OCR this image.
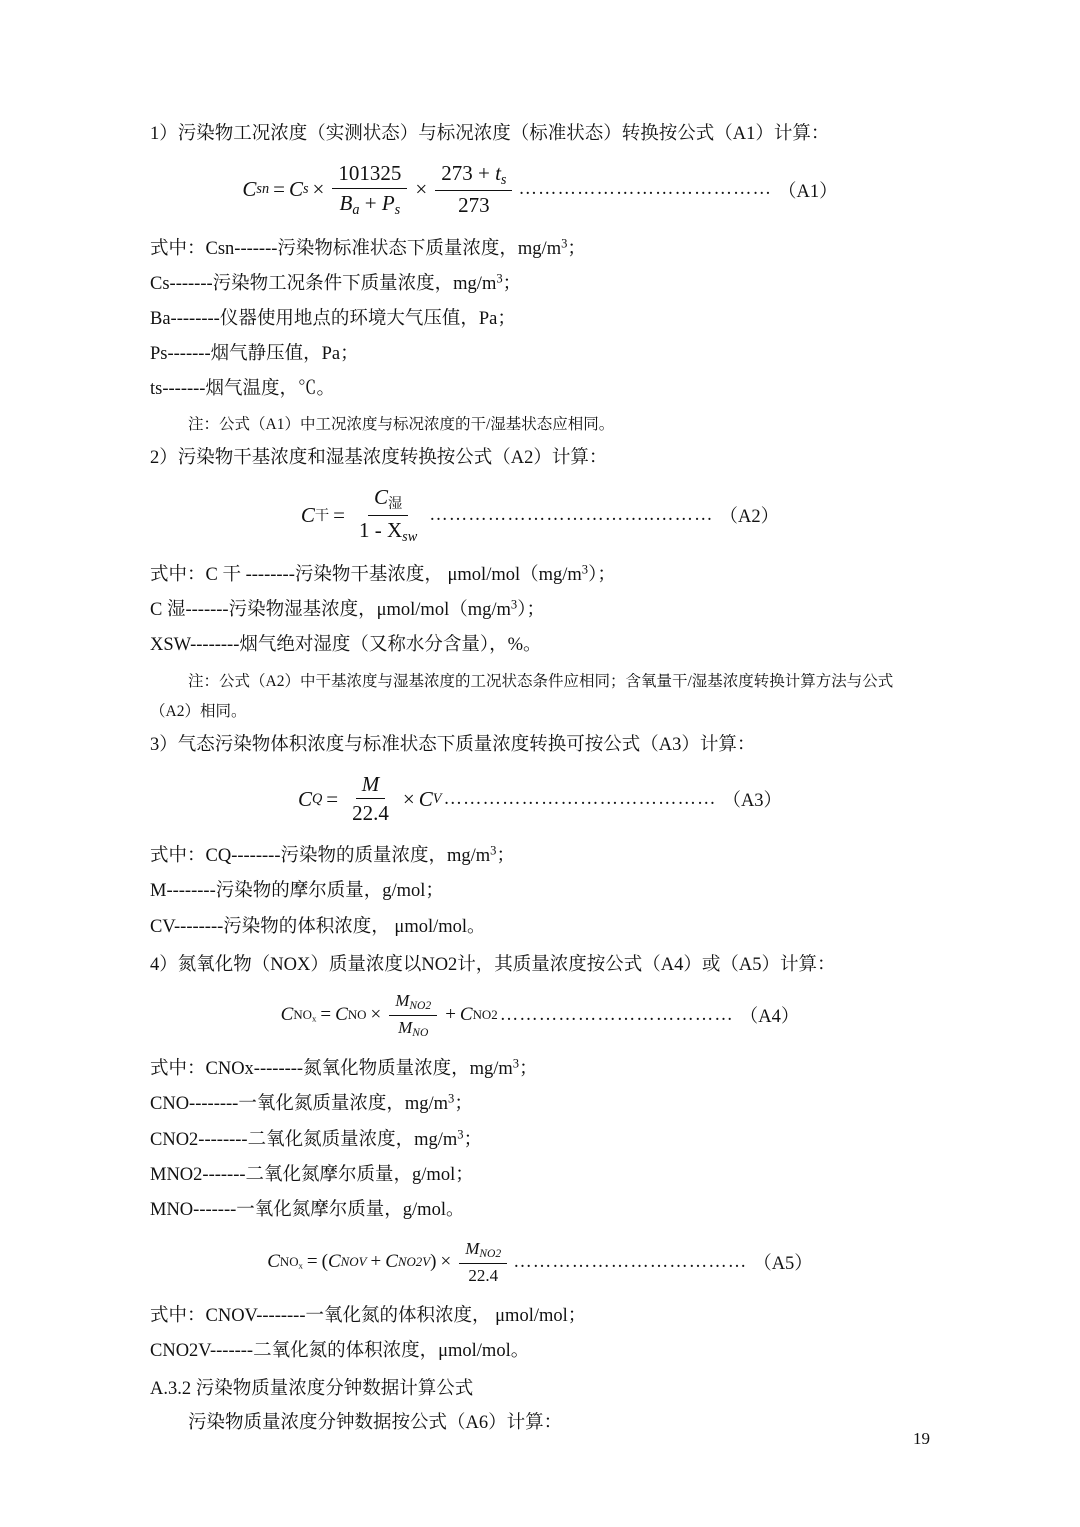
1）污染物工况浓度（实测状态）与标况浓度（标准状态）转换按公式（A1）计算：
C sn = C $s \times \frac{101325}{B_a + P_s} \times \frac{273 + t_s}{273}$ ………………………………… （A1）
式中：Csn-------污染物标准状态下质量浓度，$mg/m^3$；
Cs-------污染物工况条件下质量浓度，$mg/m^3$；
Ba--------仪器使用地点的环境大气压值，Pa；
Ps-------烟气静压值，Pa；
ts-------烟气温度，℃。
注：公式（A1）中工况浓度与标况浓度的干/湿基状态应相同。
2）污染物干基浓度和湿基浓度转换按公式（A2）计算：
C 干 = $\frac{C_湿}{1 - X_{sw}}$ ……………………………..……… （A2）
式中：C 干 --------污染物干基浓度， μmol/$mol(mg/m^3)$；
C 湿-------污染物湿基浓度，μmol/$mol(mg/m^3)$；
XSW--------烟气绝对湿度（又称水分含量），%。
注：公式（A2）中干基浓度与湿基浓度的工况状态条件应相同；含氧量干/湿基浓度转换计算方法与公式
（A2）相同。
3）气态污染物体积浓度与标准状态下质量浓度转换可按公式（A3）计算：
C $Q = \frac{M}{22.4} \times C$ V …………………………………… （A3）
式中：CQ--------污染物的质量浓度，$mg/m^3$；
M--------污染物的摩尔质量，g/mol；
CV--------污染物的体积浓度， μmol/mol。
4）氮氧化物（NOX）质量浓度以NO2计，其质量浓度按公式（A4）或（A5）计算：
C $NO_x = C$ NO × $\frac{M_{NO2}}{M_{NO}} + C$ NO2 ……………………………… （A4）
式中：CNOx--------氮氧化物质量浓度，$mg/m^3$；
CNO--------一氧化氮质量浓度，$mg/m^3$；
CNO2--------二氧化氮质量浓度，$mg/m^3$；
MNO2-------二氧化氮摩尔质量，g/mol；
MNO-------一氧化氮摩尔质量，g/mol。
C $NO_x$ = ( C NOV + C NO2V ) × $\frac{M_{NO2}}{22.4}$ ……………………………… （A5）
式中：CNOV--------一氧化氮的体积浓度， μmol/mol；
CNO2V-------二氧化氮的体积浓度，μmol/mol。
A.3.2 污染物质量浓度分钟数据计算公式
污染物质量浓度分钟数据按公式（A6）计算：
19
